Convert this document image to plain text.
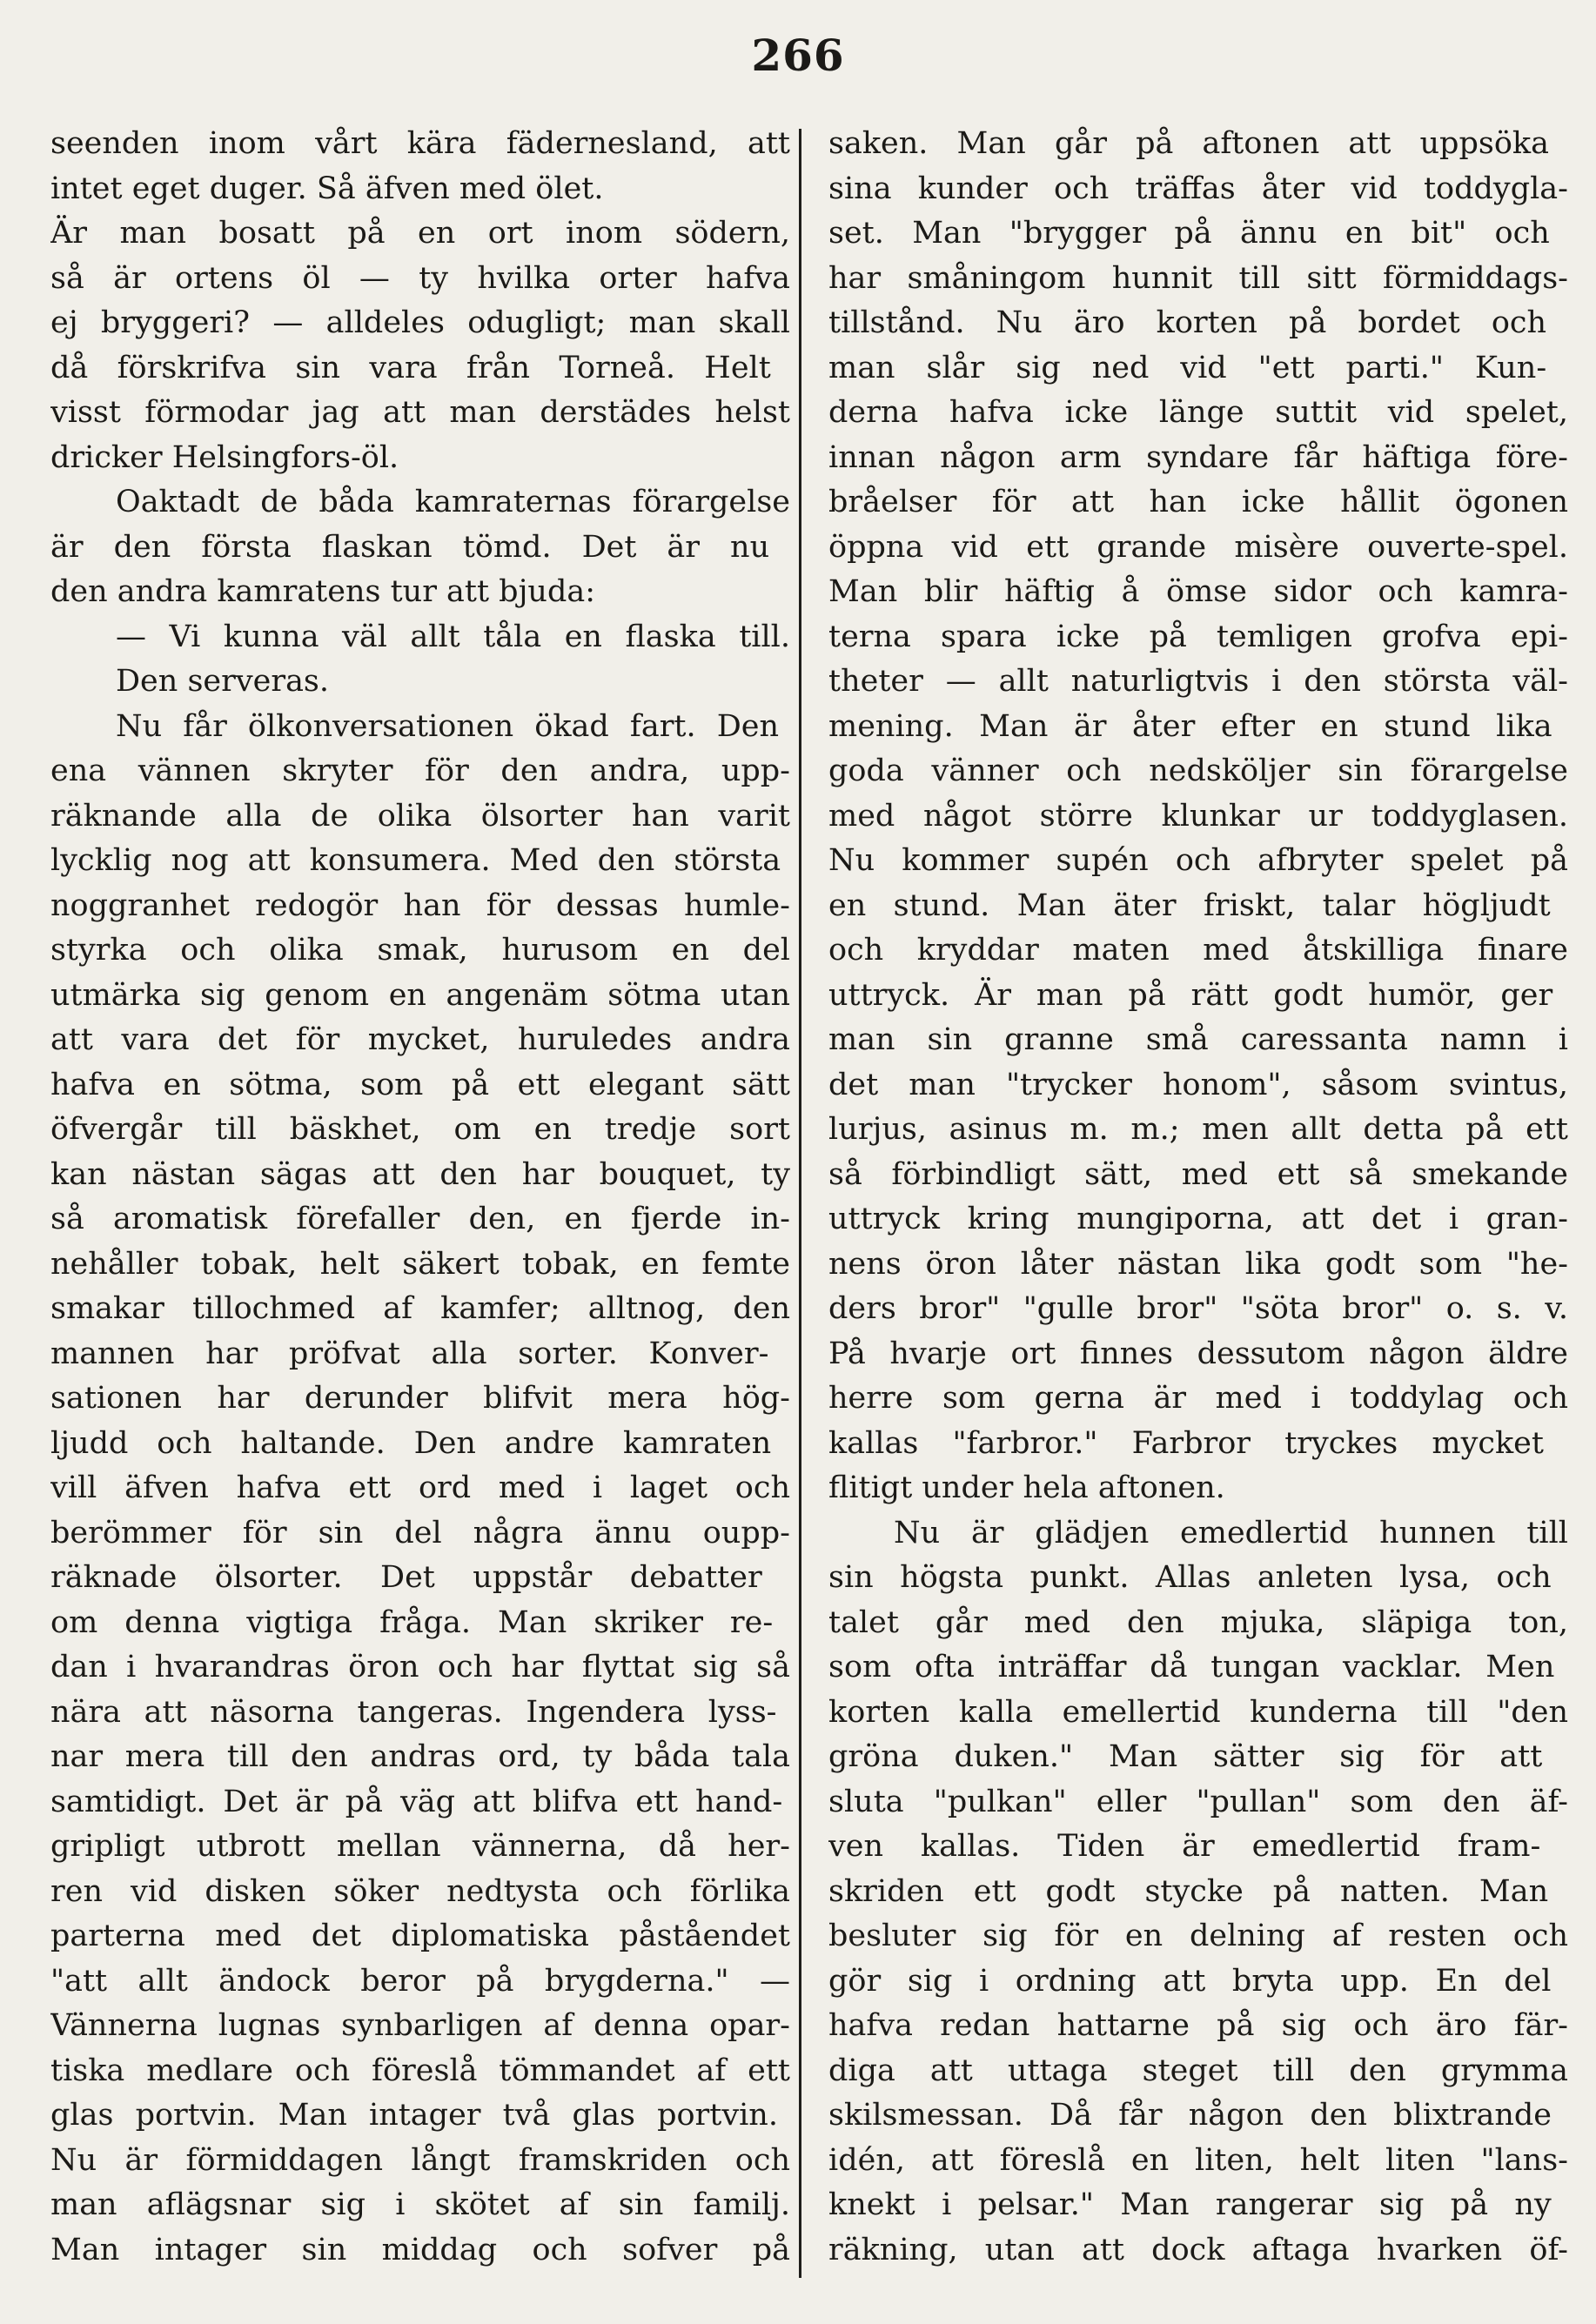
266
seenden inom vårt kära fädernesland, att
intet eget duger. Så äfven med ölet.
Är man bosatt på en ort inom södern,
så är ortens öl — ty hvilka orter hafva
ej bryggeri? — alldeles odugligt; man skall
då förskrifva sin vara från Torneå. Helt
visst förmodar jag att man derstädes helst
dricker Helsingfors-öl.
Oaktadt de båda kamraternas förargelse
är den första flaskan tömd. Det är nu
den andra kamratens tur att bjuda:
— Vi kunna väl allt tåla en flaska till.
Den serveras.
Nu får ölkonversationen ökad fart. Den
ena vännen skryter för den andra, upp-
räknande alla de olika ölsorter han varit
lycklig nog att konsumera. Med den största
noggranhet redogör han för dessas humle-
styrka och olika smak, hurusom en del
utmärka sig genom en angenäm sötma utan
att vara det för mycket, huruledes andra
hafva en sötma, som på ett elegant sätt
öfvergår till bäskhet, om en tredje sort
kan nästan sägas att den har bouquet, ty
så aromatisk förefaller den, en fjerde in-
nehåller tobak, helt säkert tobak, en femte
smakar tillochmed af kamfer; alltnog, den
mannen har pröfvat alla sorter. Konver-
sationen har derunder blifvit mera hög-
ljudd och haltande. Den andre kamraten
vill äfven hafva ett ord med i laget och
berömmer för sin del några ännu oupp-
räknade ölsorter. Det uppstår debatter
om denna vigtiga fråga. Man skriker re-
dan i hvarandras öron och har flyttat sig så
nära att näsorna tangeras. Ingendera lyss-
nar mera till den andras ord, ty båda tala
samtidigt. Det är på väg att blifva ett hand-
gripligt utbrott mellan vännerna, då her-
ren vid disken söker nedtysta och förlika
parterna med det diplomatiska påståendet
"att allt ändock beror på brygderna." —
Vännerna lugnas synbarligen af denna opar-
tiska medlare och föreslå tömmandet af ett
glas portvin. Man intager två glas portvin.
Nu är förmiddagen långt framskriden och
man aflägsnar sig i skötet af sin familj.
Man intager sin middag och sofver på
saken. Man går på aftonen att uppsöka
sina kunder och träffas åter vid toddygla-
set. Man "brygger på ännu en bit" och
har småningom hunnit till sitt förmiddags-
tillstånd. Nu äro korten på bordet och
man slår sig ned vid "ett parti." Kun-
derna hafva icke länge suttit vid spelet,
innan någon arm syndare får häftiga före-
bråelser för att han icke hållit ögonen
öppna vid ett grande misère ouverte-spel.
Man blir häftig å ömse sidor och kamra-
terna spara icke på temligen grofva epi-
theter — allt naturligtvis i den största väl-
mening. Man är åter efter en stund lika
goda vänner och nedsköljer sin förargelse
med något större klunkar ur toddyglasen.
Nu kommer supén och afbryter spelet på
en stund. Man äter friskt, talar högljudt
och kryddar maten med åtskilliga finare
uttryck. Är man på rätt godt humör, ger
man sin granne små caressanta namn i
det man "trycker honom", såsom svintus,
lurjus, asinus m. m.; men allt detta på ett
så förbindligt sätt, med ett så smekande
uttryck kring mungiporna, att det i gran-
nens öron låter nästan lika godt som "he-
ders bror" "gulle bror" "söta bror" o. s. v.
På hvarje ort finnes dessutom någon äldre
herre som gerna är med i toddylag och
kallas "farbror." Farbror tryckes mycket
flitigt under hela aftonen.
Nu är glädjen emedlertid hunnen till
sin högsta punkt. Allas anleten lysa, och
talet går med den mjuka, släpiga ton,
som ofta inträffar då tungan vacklar. Men
korten kalla emellertid kunderna till "den
gröna duken." Man sätter sig för att
sluta "pulkan" eller "pullan" som den äf-
ven kallas. Tiden är emedlertid fram-
skriden ett godt stycke på natten. Man
besluter sig för en delning af resten och
gör sig i ordning att bryta upp. En del
hafva redan hattarne på sig och äro fär-
diga att uttaga steget till den grymma
skilsmessan. Då får någon den blixtrande
idén, att föreslå en liten, helt liten "lans-
knekt i pelsar." Man rangerar sig på ny
räkning, utan att dock aftaga hvarken öf-
